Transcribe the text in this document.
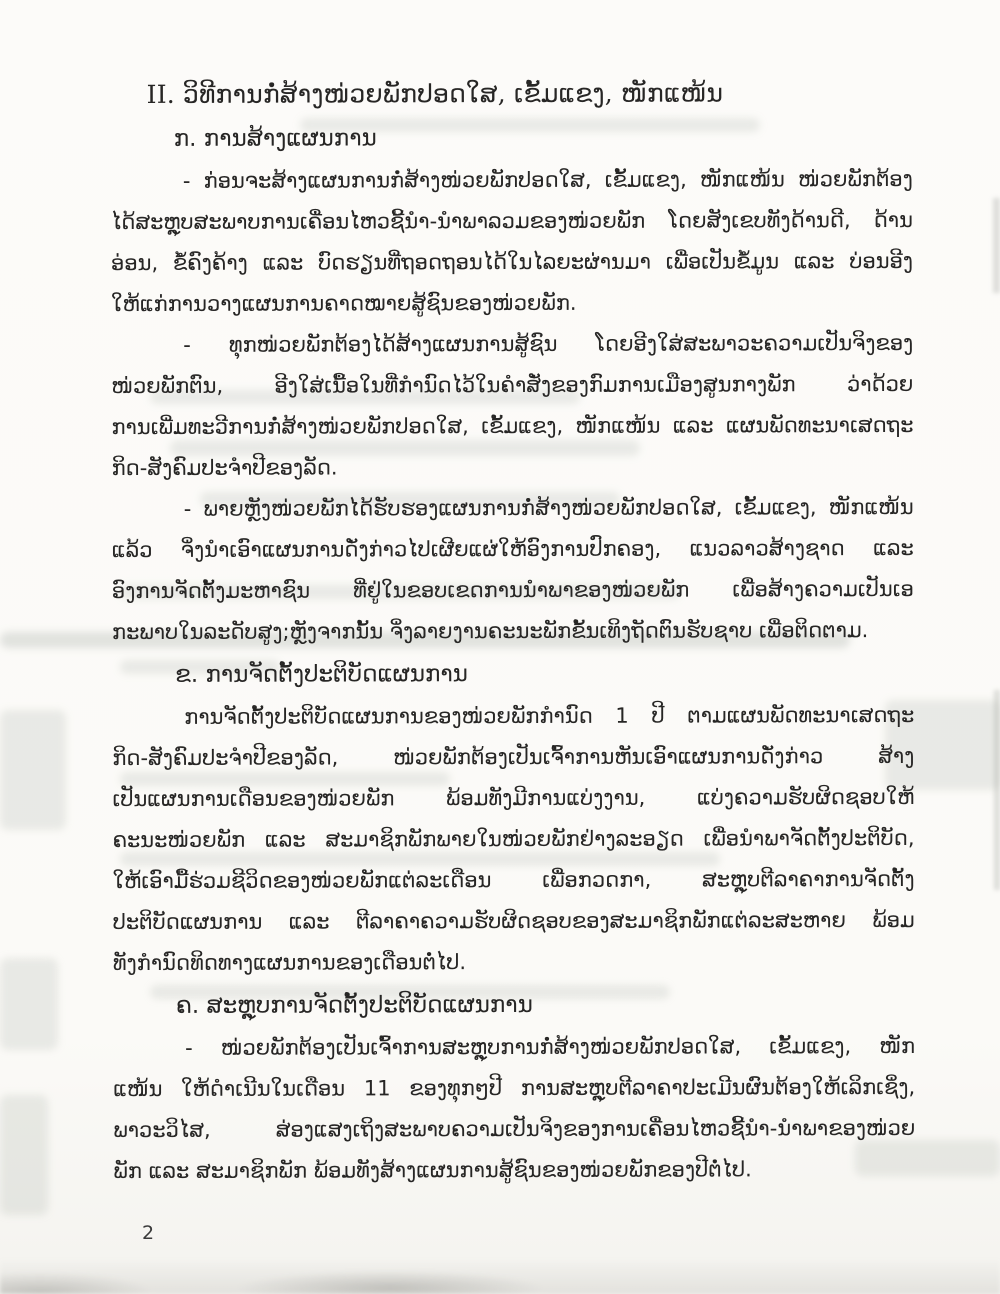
II. ວິທີການກໍ່ສ້າງໜ່ວຍພັກປອດໃສ, ເຂັ້ມແຂງ, ໜັກແໜ້ນ
ກ. ການສ້າງແຜນການ
- ກ່ອນຈະສ້າງແຜນການກໍ່ສ້າງໜ່ວຍພັກປອດໃສ, ເຂັ້ມແຂງ, ໜັກແໜ້ນ ໜ່ວຍພັກຕ້ອງ
ໄດ້ສະຫຼຸບສະພາບການເຄື່ອນໄຫວຊີ້ນຳ-ນຳພາລວມຂອງໜ່ວຍພັກ ໂດຍສັງເຂບທັງດ້ານດີ, ດ້ານ
ອ່ອນ, ຂໍ້ຄົງຄ້າງ ແລະ ບົດຮຽນທີ່ຖອດຖອນໄດ້ໃນໄລຍະຜ່ານມາ ເພື່ອເປັນຂໍ້ມູນ ແລະ ບ່ອນອີງ
ໃຫ້ແກ່ການວາງແຜນການຄາດໝາຍສູ້ຊົນຂອງໜ່ວຍພັກ.
- ທຸກໜ່ວຍພັກຕ້ອງໄດ້ສ້າງແຜນການສູ້ຊົນ ໂດຍອີງໃສ່ສະພາວະຄວາມເປັນຈິງຂອງ
ໜ່ວຍພັກຕົນ, ອີງໃສ່ເນື້ອໃນທີ່ກຳນົດໄວ້ໃນຄຳສັ່ງຂອງກົມການເມືອງສູນກາງພັກ ວ່າດ້ວຍ
ການເພີ່ມທະວີການກໍ່ສ້າງໜ່ວຍພັກປອດໃສ, ເຂັ້ມແຂງ, ໜັກແໜ້ນ ແລະ ແຜນພັດທະນາເສດຖະ
ກິດ-ສັງຄົມປະຈຳປີຂອງລັດ.
- ພາຍຫຼັງໜ່ວຍພັກໄດ້ຮັບຮອງແຜນການກໍ່ສ້າງໜ່ວຍພັກປອດໃສ, ເຂັ້ມແຂງ, ໜັກແໜ້ນ
ແລ້ວ ຈິ່ງນຳເອົາແຜນການດັ່ງກ່າວໄປເຜີຍແຜ່ໃຫ້ອົງການປົກຄອງ, ແນວລາວສ້າງຊາດ ແລະ
ອົງການຈັດຕັ້ງມະຫາຊົນ ທີ່ຢູ່ໃນຂອບເຂດການນຳພາຂອງໜ່ວຍພັກ ເພື່ອສ້າງຄວາມເປັນເອ
ກະພາບໃນລະດັບສູງ;ຫຼັງຈາກນັ້ນ ຈິ່ງລາຍງານຄະນະພັກຂັ້ນເທິງຖັດຕົນຮັບຊາບ ເພື່ອຕິດຕາມ.
ຂ. ການຈັດຕັ້ງປະຕິບັດແຜນການ
ການຈັດຕັ້ງປະຕິບັດແຜນການຂອງໜ່ວຍພັກກຳນົດ 1 ປີ ຕາມແຜນພັດທະນາເສດຖະ
ກິດ-ສັງຄົມປະຈຳປີຂອງລັດ, ໜ່ວຍພັກຕ້ອງເປັນເຈົ້າການຫັນເອົາແຜນການດັ່ງກ່າວ ສ້າງ
ເປັນແຜນການເດືອນຂອງໜ່ວຍພັກ ພ້ອມທັງມີການແບ່ງງານ, ແບ່ງຄວາມຮັບຜິດຊອບໃຫ້
ຄະນະໜ່ວຍພັກ ແລະ ສະມາຊິກພັກພາຍໃນໜ່ວຍພັກຢ່າງລະອຽດ ເພື່ອນຳພາຈັດຕັ້ງປະຕິບັດ,
ໃຫ້ເອົາມື້ຮ່ວມຊີວິດຂອງໜ່ວຍພັກແຕ່ລະເດືອນ ເພື່ອກວດກາ, ສະຫຼຸບຕີລາຄາການຈັດຕັ້ງ
ປະຕິບັດແຜນການ ແລະ ຕີລາຄາຄວາມຮັບຜິດຊອບຂອງສະມາຊິກພັກແຕ່ລະສະຫາຍ ພ້ອມ
ທັງກຳນົດທິດທາງແຜນການຂອງເດືອນຕໍ່ໄປ.
ຄ. ສະຫຼຸບການຈັດຕັ້ງປະຕິບັດແຜນການ
- ໜ່ວຍພັກຕ້ອງເປັນເຈົ້າການສະຫຼຸບການກໍ່ສ້າງໜ່ວຍພັກປອດໃສ, ເຂັ້ມແຂງ, ໜັກ
ແໜ້ນ ໃຫ້ດຳເນີນໃນເດືອນ 11 ຂອງທຸກໆປີ ການສະຫຼຸບຕີລາຄາປະເມີນຜົນຕ້ອງໃຫ້ເລິກເຊິ່ງ,
ພາວະວິໄສ, ສ່ອງແສງເຖິງສະພາບຄວາມເປັນຈິງຂອງການເຄື່ອນໄຫວຊີ້ນຳ-ນຳພາຂອງໜ່ວຍ
ພັກ ແລະ ສະມາຊິກພັກ ພ້ອມທັງສ້າງແຜນການສູ້ຊົນຂອງໜ່ວຍພັກຂອງປີຕໍ່ໄປ.
2
